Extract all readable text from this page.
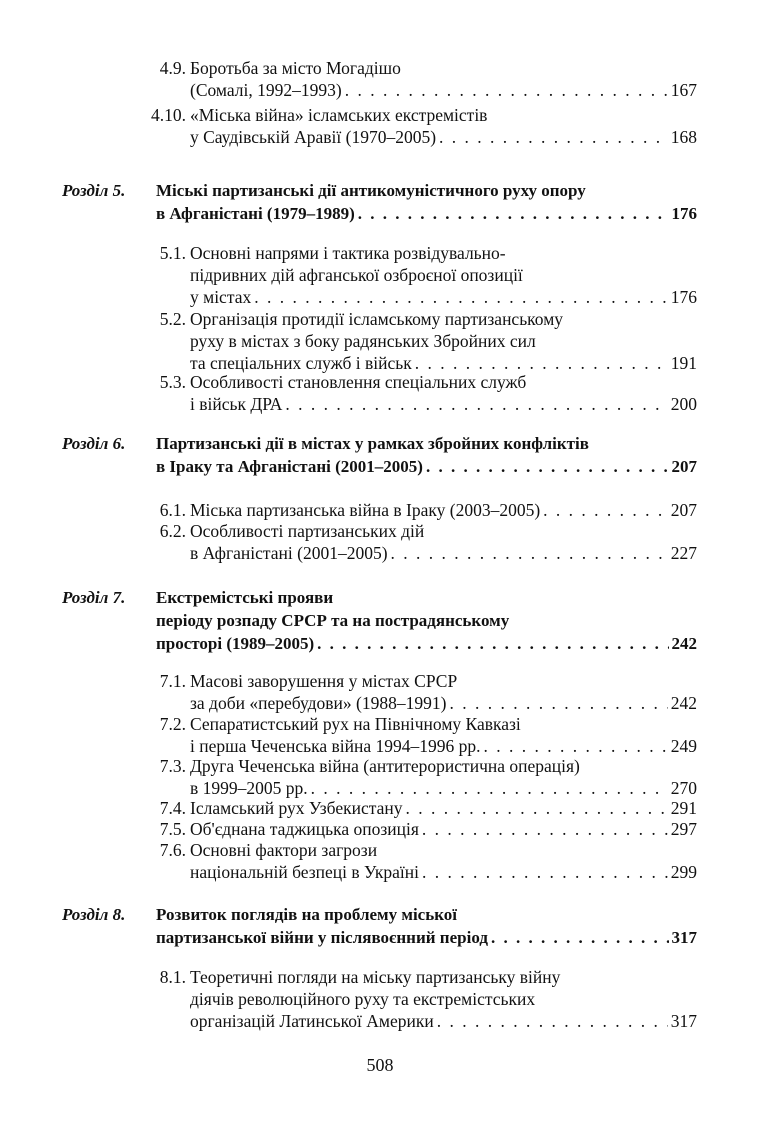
4.9. Боротьба за місто Могадішо
(Сомалі, 1992–1993) . . .	167
4.10. «Міська війна» ісламських екстремістів
у Саудівській Аравії (1970–2005) . . .	168
Розділ 5.	Міські партизанські дії антикомуністичного руху опору
в Афганістані (1979–1989) . . .	176
5.1. Основні напрями і тактика розвідувально-
підривних дій афганської озброєної опозиції
у містах . . .	176
5.2. Організація протидії ісламському партизанському
руху в містах з боку радянських Збройних сил
та спеціальних служб і військ . . .	191
5.3. Особливості становлення спеціальних служб
і військ ДРА . . .	200
Розділ 6.	Партизанські дії в містах у рамках збройних конфліктів
в Іраку та Афганістані (2001–2005) . . .	207
6.1. Міська партизанська війна в Іраку (2003–2005) . . .	207
6.2. Особливості партизанських дій
в Афганістані (2001–2005) . . .	227
Розділ 7.	Екстремістські прояви
періоду розпаду СРСР та на пострадянському
просторі (1989–2005) . . .	242
7.1. Масові заворушення у містах СРСР
за доби «перебудови» (1988–1991) . . .	242
7.2. Сепаратистський рух на Північному Кавказі
і перша Чеченська війна 1994–1996 рр. . . .	249
7.3. Друга Чеченська війна (антитерористична операція)
в 1999–2005 рр. . . .	270
7.4. Ісламський рух Узбекистану . . .	291
7.5. Об'єднана таджицька опозиція . . .	297
7.6. Основні фактори загрози
національній безпеці в Україні . . .	299
Розділ 8.	Розвиток поглядів на проблему міської
партизанської війни у післявоєнний період . . .	317
8.1. Теоретичні погляди на міську партизанську війну
діячів революційного руху та екстремістських
організацій Латинської Америки . . .	317
508
